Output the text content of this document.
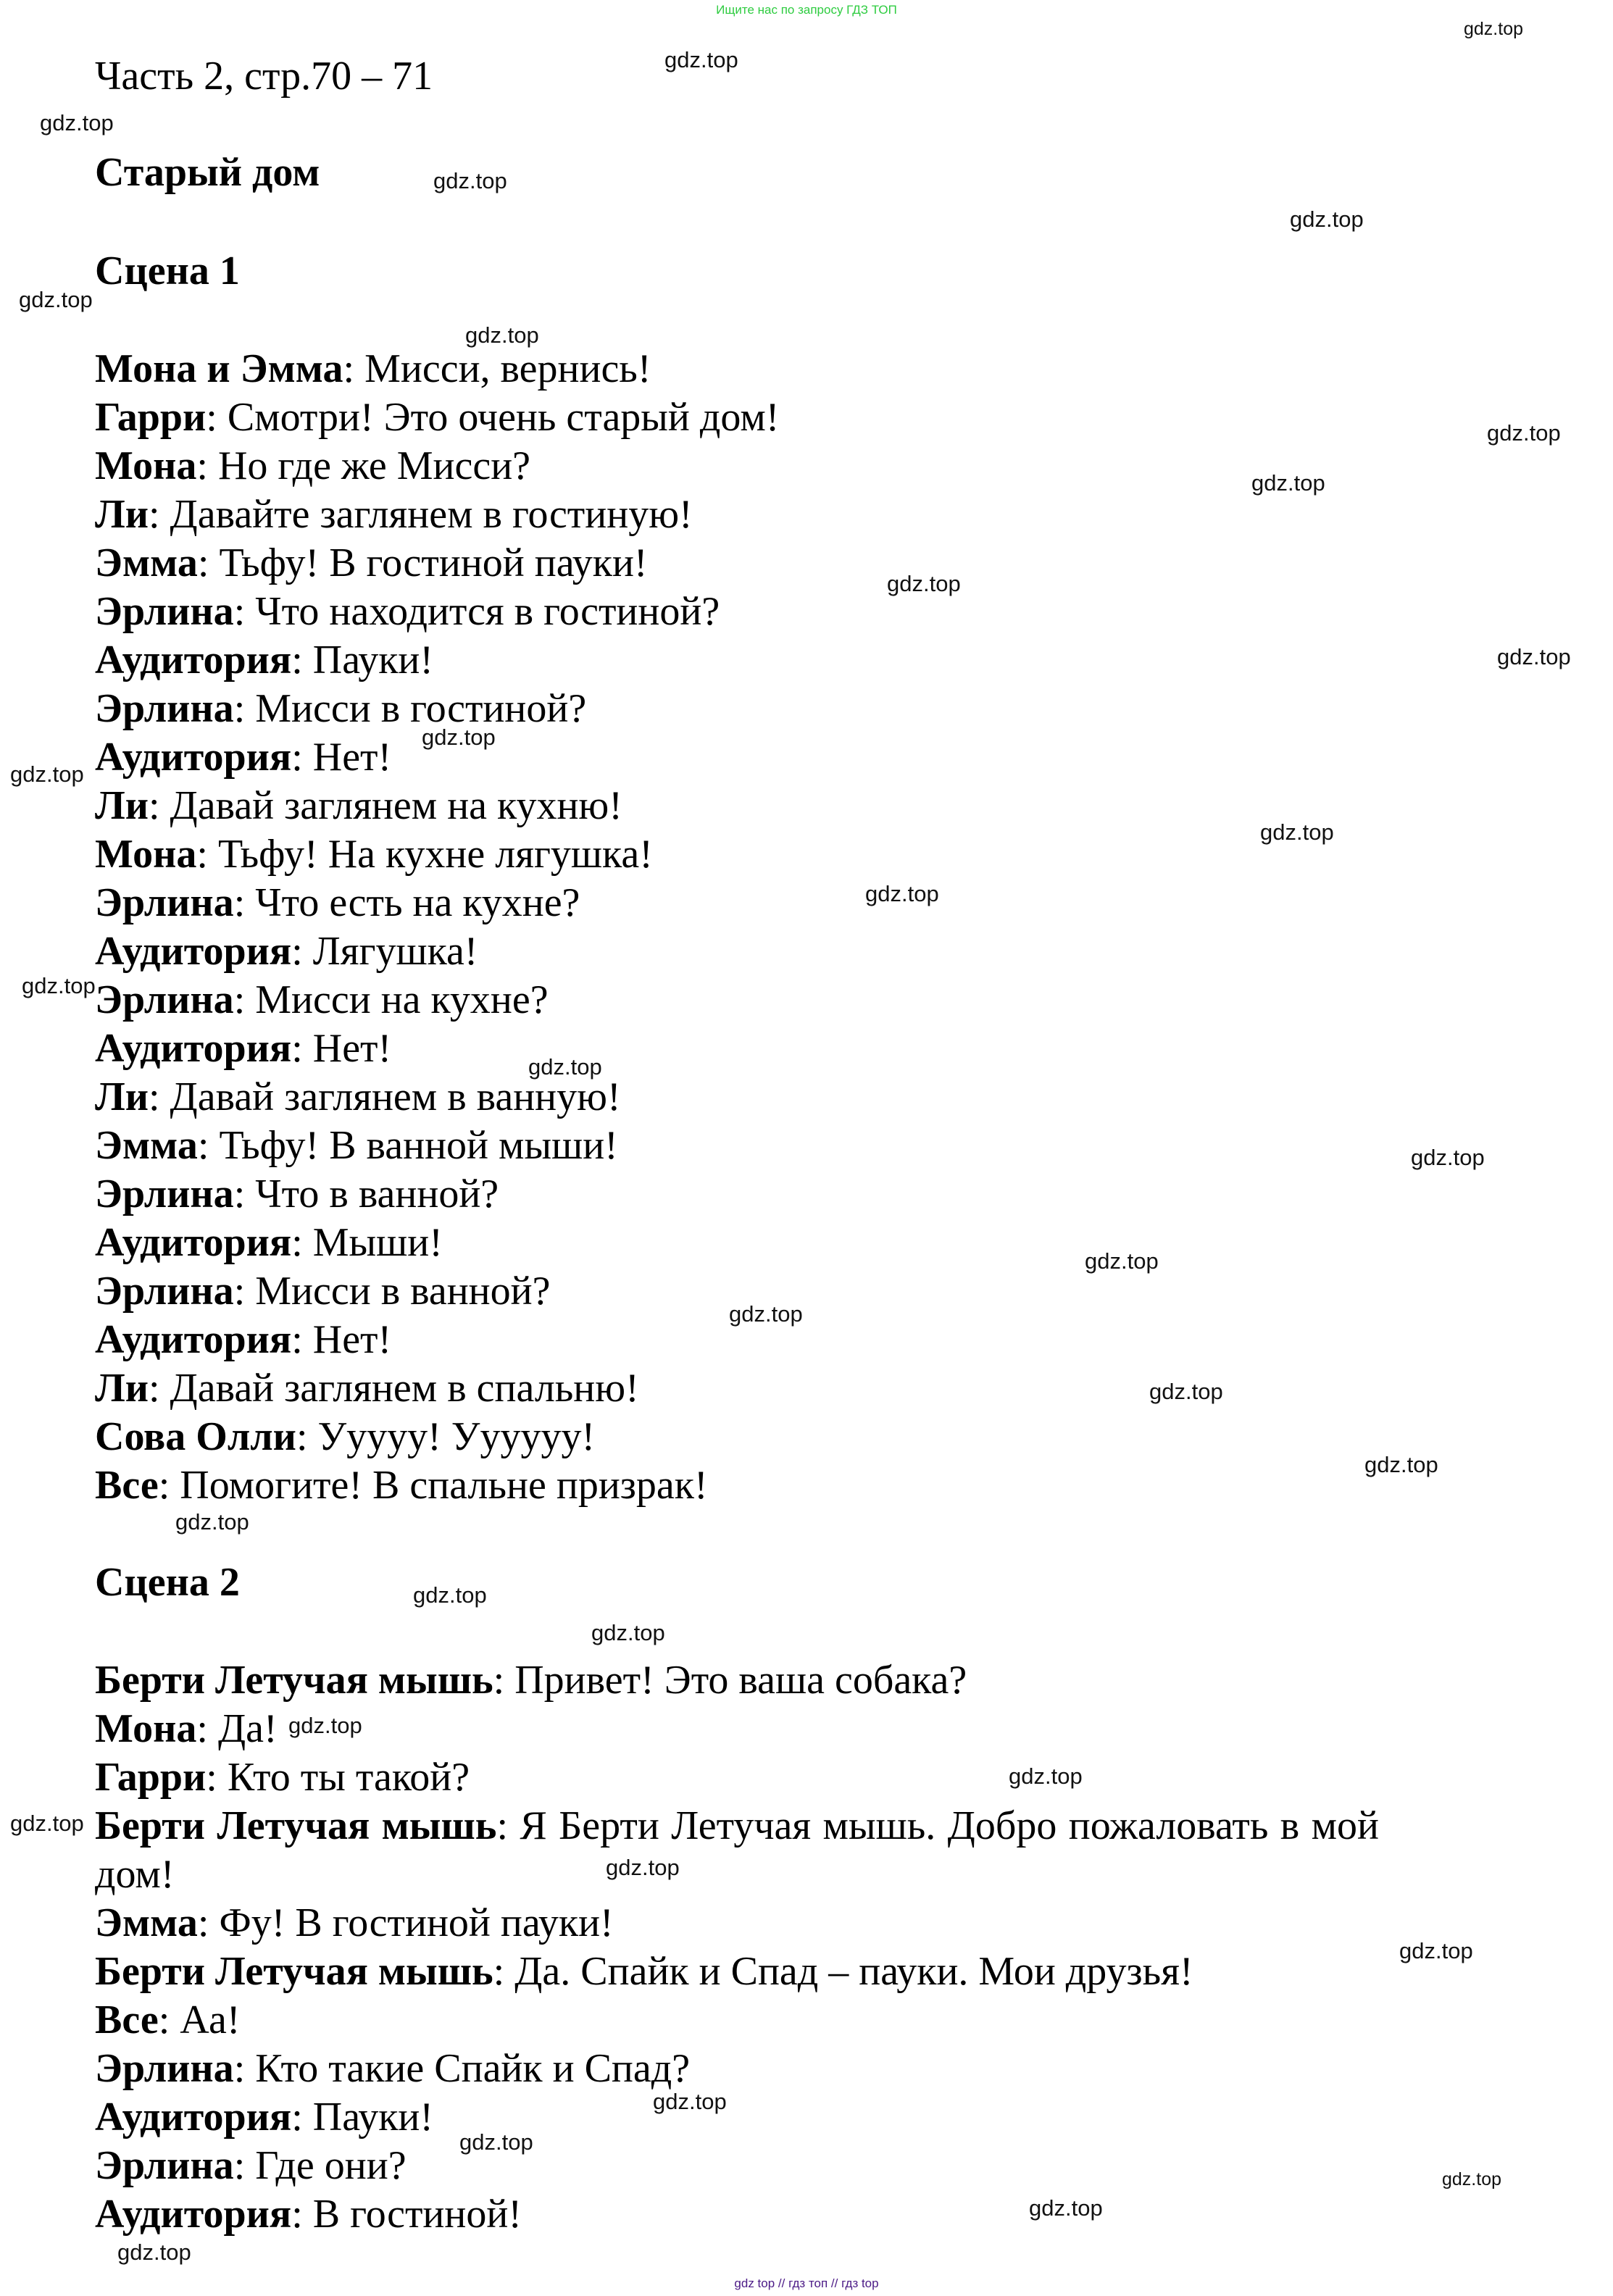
Ищите нас по запросу ГДЗ ТОП
Часть 2, стр.70 – 71
Старый дом
Сцена 1
Мона и Эмма: Мисси, вернись!
Гарри: Смотри! Это очень старый дом!
Мона: Но где же Мисси?
Ли: Давайте заглянем в гостиную!
Эмма: Тьфу! В гостиной пауки!
Эрлина: Что находится в гостиной?
Аудитория: Пауки!
Эрлина: Мисси в гостиной?
Аудитория: Нет!
Ли: Давай заглянем на кухню!
Мона: Тьфу! На кухне лягушка!
Эрлина: Что есть на кухне?
Аудитория: Лягушка!
Эрлина: Мисси на кухне?
Аудитория: Нет!
Ли: Давай заглянем в ванную!
Эмма: Тьфу! В ванной мыши!
Эрлина: Что в ванной?
Аудитория: Мыши!
Эрлина: Мисси в ванной?
Аудитория: Нет!
Ли: Давай заглянем в спальню!
Сова Олли: Ууууу! Уууууу!
Все: Помогите! В спальне призрак!
Сцена 2
Берти Летучая мышь: Привет! Это ваша собака?
Мона: Да!
Гарри: Кто ты такой?
Берти Летучая мышь: Я Берти Летучая мышь. Добро пожаловать в мой дом!
Эмма: Фу! В гостиной пауки!
Берти Летучая мышь: Да. Спайк и Спад – пауки. Мои друзья!
Все: Аа!
Эрлина: Кто такие Спайк и Спад?
Аудитория: Пауки!
Эрлина: Где они?
Аудитория: В гостиной!
gdz.top
gdz.top
gdz.top
gdz.top
gdz.top
gdz.top
gdz.top
gdz.top
gdz.top
gdz.top
gdz.top
gdz.top
gdz.top
gdz.top
gdz.top
gdz.top
gdz.top
gdz.top
gdz.top
gdz.top
gdz.top
gdz.top
gdz.top
gdz.top
gdz.top
gdz.top
gdz.top
gdz.top
gdz.top
gdz.top
gdz.top
gdz.top
gdz.top
gdz.top
gdz.top
gdz top // гдз топ // гдз top
